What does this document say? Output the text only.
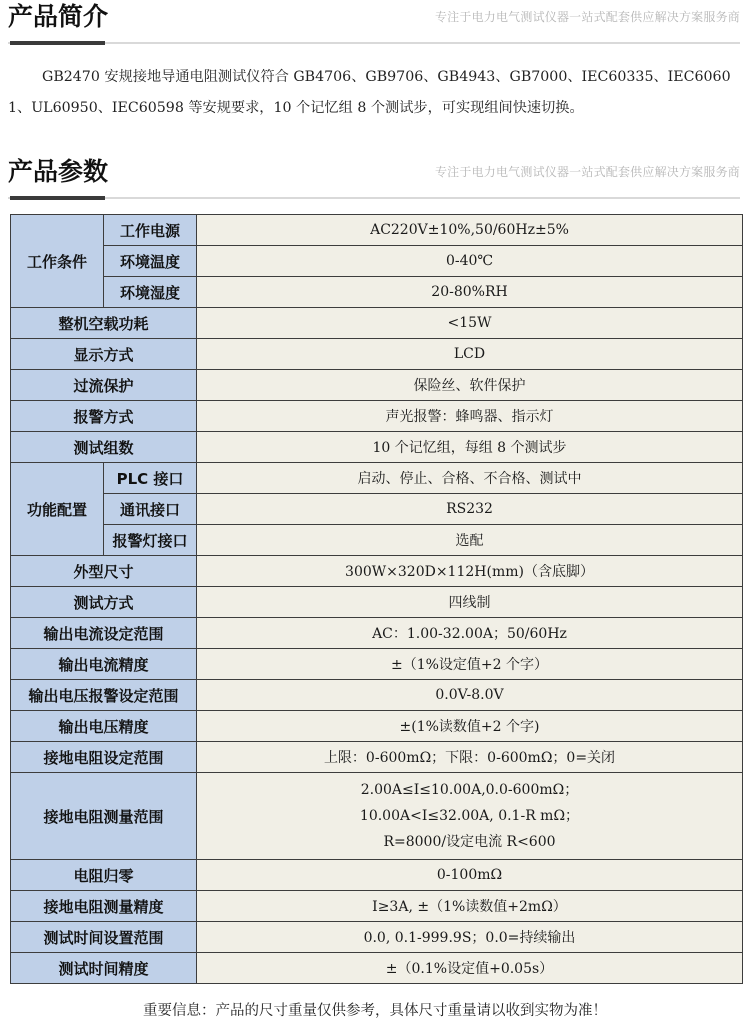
产品简介	专注于电力电气测试仪器一站式配套供应解决方案服务商
GB2470 安规接地导通电阻测试仪符合 GB4706、GB9706、GB4943、GB7000、IEC60335、IEC60601、UL60950、IEC60598 等安规要求，10 个记忆组 8 个测试步，可实现组间快速切换。
产品参数	专注于电力电气测试仪器一站式配套供应解决方案服务商
工作条件	工作电源	AC220V±10%,50/60Hz±5%
	环境温度	0-40℃
	环境湿度	20-80%RH
整机空载功耗		<15W
显示方式		LCD
过流保护		保险丝、软件保护
报警方式		声光报警：蜂鸣器、指示灯
测试组数		10 个记忆组，每组 8 个测试步
功能配置	PLC 接口	启动、停止、合格、不合格、测试中
	通讯接口	RS232
	报警灯接口	选配
外型尺寸		300W×320D×112H(mm)（含底脚）
测试方式		四线制
输出电流设定范围		AC：1.00-32.00A；50/60Hz
输出电流精度		±（1%设定值+2 个字）
输出电压报警设定范围		0.0V-8.0V
输出电压精度		±(1%读数值+2 个字)
接地电阻设定范围		上限：0-600mΩ；下限：0-600mΩ；0=关闭
接地电阻测量范围		2.00A≤I≤10.00A,0.0-600mΩ；
10.00A<I≤32.00A, 0.1-R mΩ；
R=8000/设定电流 R<600

电阻归零		0-100mΩ
接地电阻测量精度		I≥3A, ±（1%读数值+2mΩ）
测试时间设置范围		0.0, 0.1-999.9S；0.0=持续输出
测试时间精度		±（0.1%设定值+0.05s）
重要信息：产品的尺寸重量仅供参考，具体尺寸重量请以收到实物为准！
